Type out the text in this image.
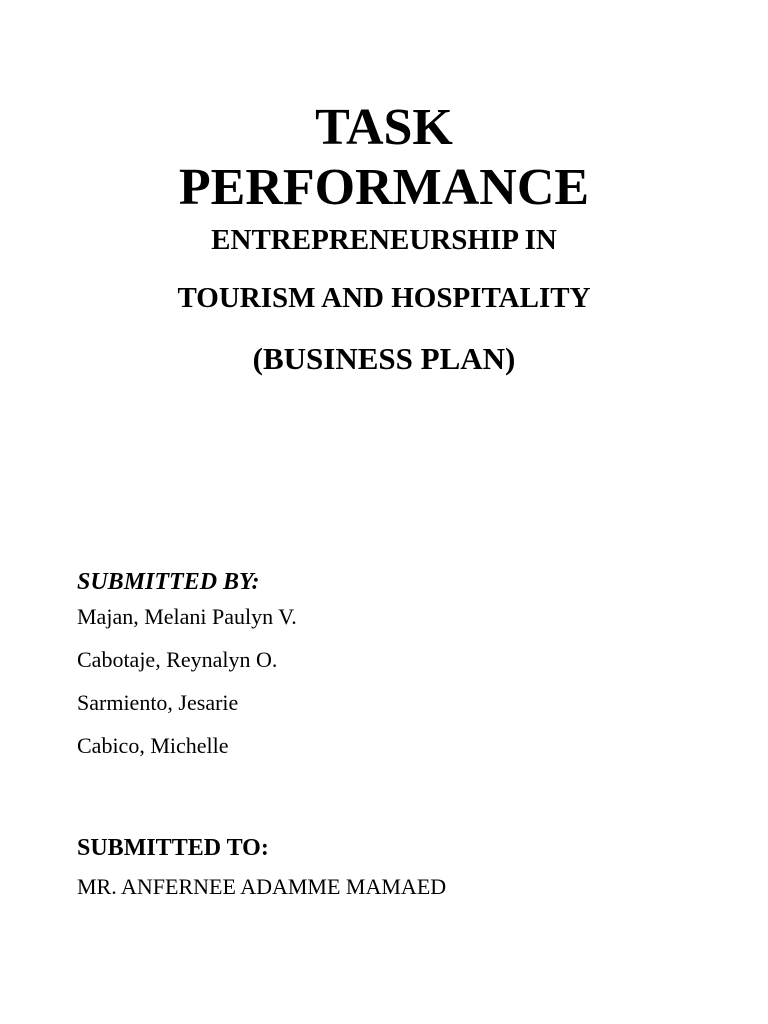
TASK

PERFORMANCE

ENTREPRENEURSHIP IN

TOURISM AND HOSPITALITY

(BUSINESS PLAN)

SUBMITTED BY:

Majan, Melani Paulyn V.
Cabotaje, Reynalyn O.
Sarmiento, Jesarie
Cabico, Michelle

SUBMITTED TO:

MR. ANFERNEE ADAMME MAMAED
